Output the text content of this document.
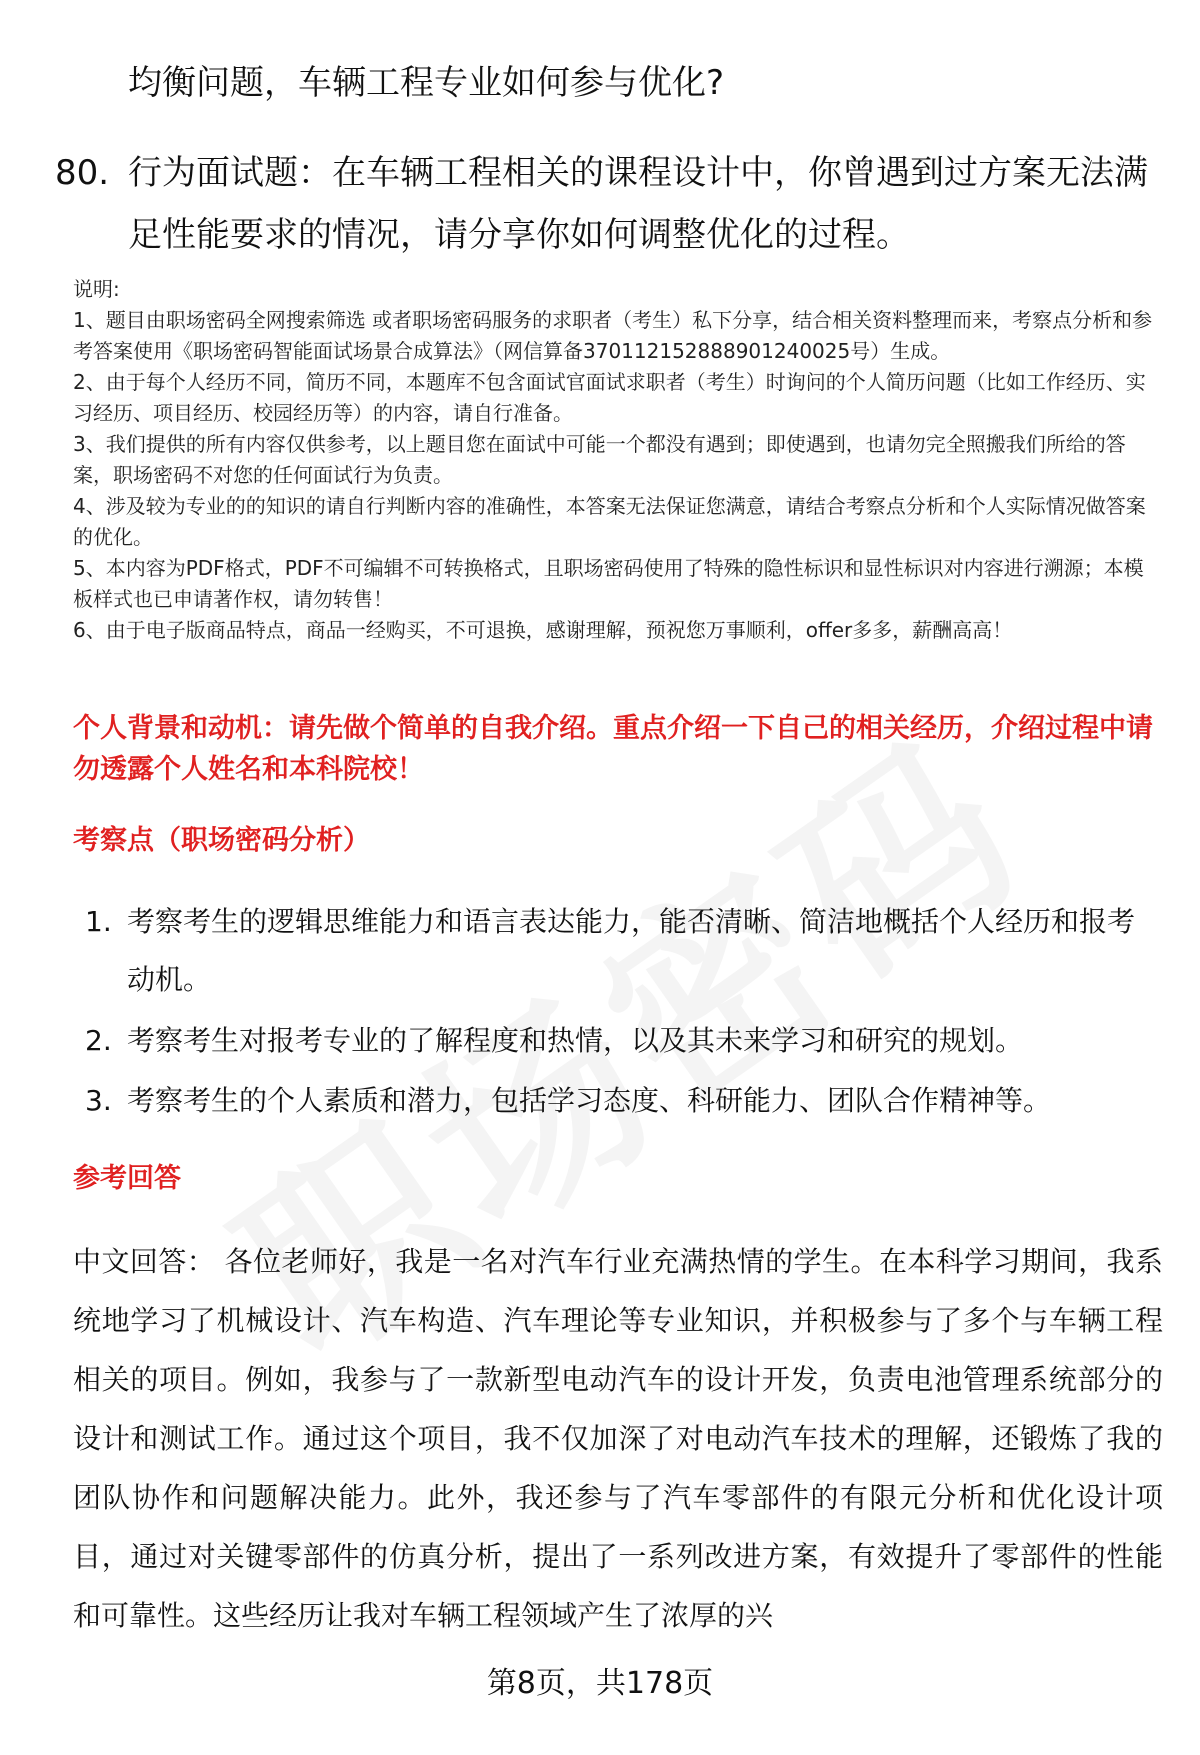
均衡问题，车辆工程专业如何参与优化?
80. 行为面试题：在车辆工程相关的课程设计中，你曾遇到过方案无法满足性能要求的情况，请分享你如何调整优化的过程。
说明:
1、题目由职场密码全网搜索筛选 或者职场密码服务的求职者（考生）私下分享，结合相关资料整理而来，考察点分析和参考答案使用《职场密码智能面试场景合成算法》（网信算备370112152888901240025号）生成。
2、由于每个人经历不同，简历不同，本题库不包含面试官面试求职者（考生）时询问的个人简历问题（比如工作经历、实习经历、项目经历、校园经历等）的内容，请自行准备。
3、我们提供的所有内容仅供参考，以上题目您在面试中可能一个都没有遇到；即使遇到，也请勿完全照搬我们所给的答案，职场密码不对您的任何面试行为负责。
4、涉及较为专业的的知识的请自行判断内容的准确性，本答案无法保证您满意，请结合考察点分析和个人实际情况做答案的优化。
5、本内容为PDF格式，PDF不可编辑不可转换格式，且职场密码使用了特殊的隐性标识和显性标识对内容进行溯源；本模板样式也已申请著作权，请勿转售！
6、由于电子版商品特点，商品一经购买，不可退换，感谢理解，预祝您万事顺利，offer多多，薪酬高高！
个人背景和动机：请先做个简单的自我介绍。重点介绍一下自己的相关经历，介绍过程中请勿透露个人姓名和本科院校！
考察点（职场密码分析）
1. 考察考生的逻辑思维能力和语言表达能力，能否清晰、简洁地概括个人经历和报考动机。
2. 考察考生对报考专业的了解程度和热情，以及其未来学习和研究的规划。
3. 考察考生的个人素质和潜力，包括学习态度、科研能力、团队合作精神等。
参考回答
中文回答： 各位老师好，我是一名对汽车行业充满热情的学生。在本科学习期间，我系统地学习了机械设计、汽车构造、汽车理论等专业知识，并积极参与了多个与车辆工程相关的项目。例如，我参与了一款新型电动汽车的设计开发，负责电池管理系统部分的设计和测试工作。通过这个项目，我不仅加深了对电动汽车技术的理解，还锻炼了我的团队协作和问题解决能力。此外，我还参与了汽车零部件的有限元分析和优化设计项目，通过对关键零部件的仿真分析，提出了一系列改进方案，有效提升了零部件的性能和可靠性。这些经历让我对车辆工程领域产生了浓厚的兴
第8页，共178页
